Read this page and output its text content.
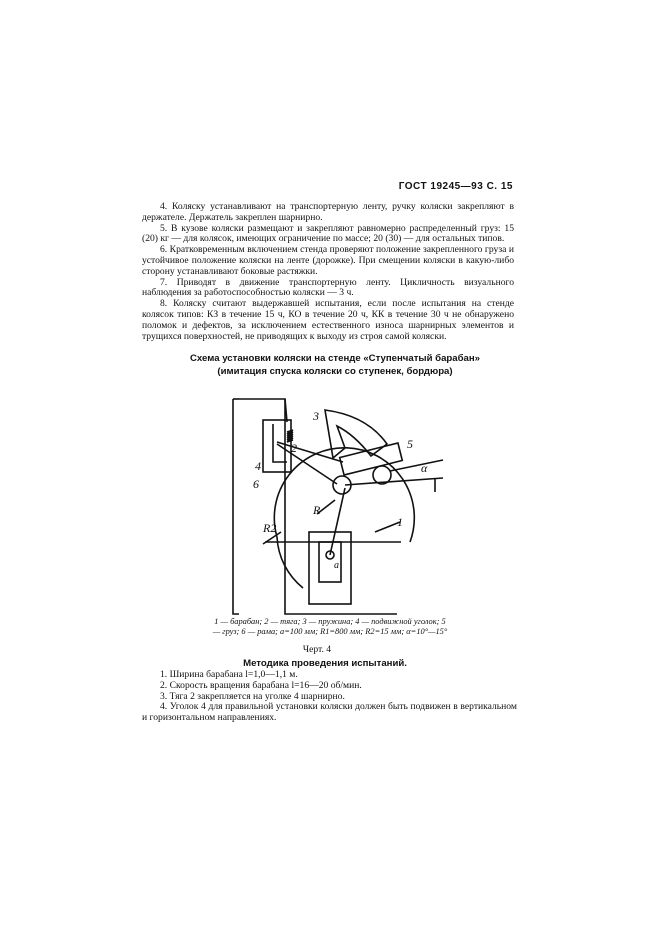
ГОСТ 19245—93 С. 15

4. Коляску устанавливают на транспортерную ленту, ручку коляски закрепляют в держателе. Держатель закреплен шарнирно.

5. В кузове коляски размещают и закрепляют равномерно распределенный груз: 15 (20) кг — для колясок, имеющих ограничение по массе; 20 (30) — для остальных типов.

6. Кратковременным включением стенда проверяют положение закрепленного груза и устойчивое положение коляски на ленте (дорожке). При смещении коляски в какую-либо сторону устанавливают боковые растяжки.

7. Приводят в движение транспортерную ленту. Цикличность визуального наблюдения за работоспособностью коляски — 3 ч.

8. Коляску считают выдержавшей испытания, если после испытания на стенде колясок типов: КЗ в течение 15 ч, КО в течение 20 ч, КК в течение 30 ч не обнаружено поломок и дефектов, за исключением естественного износа шарнирных элементов и трущихся поверхностей, не приводящих к выходу из строя самой коляски.

Схема установки коляски на стенде «Ступенчатый барабан» (имитация спуска коляски со ступенек, бордюра)
3
2
4
6
5
1
R
R2
α
a
1 — барабан; 2 — тяга; 3 — пружина; 4 — подвижной уголок; 5 — груз; 6 — рама; a=100 мм; R1=800 мм; R2=15 мм; α=10°—15°
Черт. 4
Методика проведения испытаний.

1. Ширина барабана l=1,0—1,1 м.

2. Скорость вращения барабана l=16—20 об/мин.

3. Тяга 2 закрепляется на уголке 4 шарнирно.

4. Уголок 4 для правильной установки коляски должен быть подвижен в вертикальном и горизонтальном направлениях.
